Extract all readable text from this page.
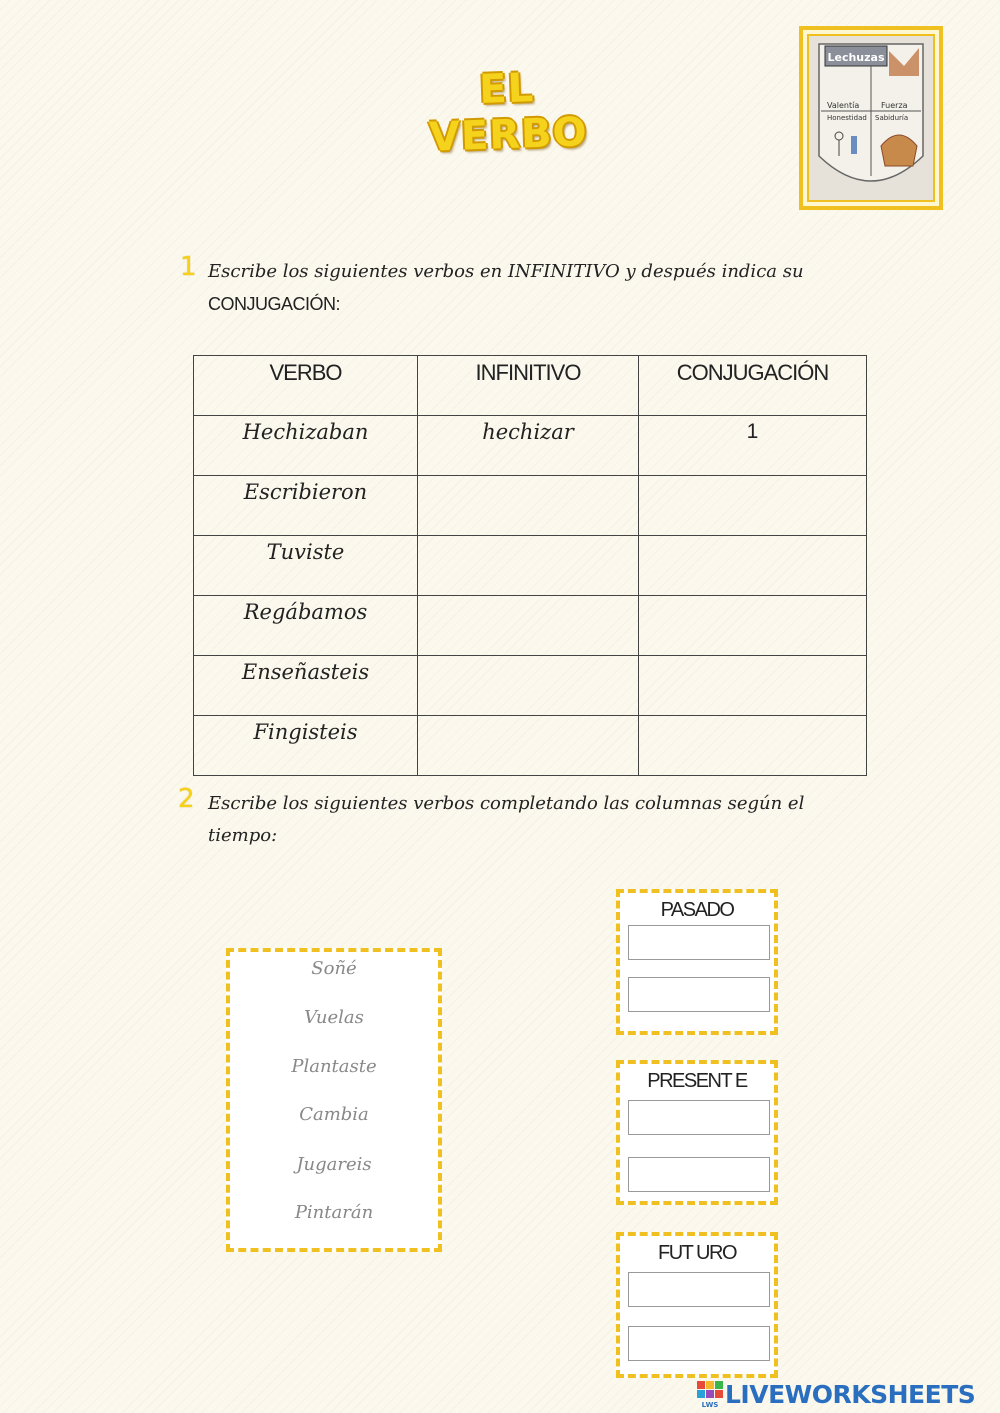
EL VERBO
Lechuzas
Valentía
Honestidad
Fuerza
Sabiduría
1 Escribe los siguientes verbos en INFINITIVO y después indica su
CONJUGACIÓN:
VERBO	INFINITIVO	CONJUGACIÓN
Hechizaban	hechizar	1
Escribieron		
Tuviste		
Regábamos		
Enseñasteis		
Fingisteis		
2 Escribe los siguientes verbos completando las columnas según el
tiempo:
Soñé
Vuelas
Plantaste
Cambia
Jugareis
Pintarán
PASADO
PRESENT E
FUT URO
LWS LIVEWORKSHEETS
